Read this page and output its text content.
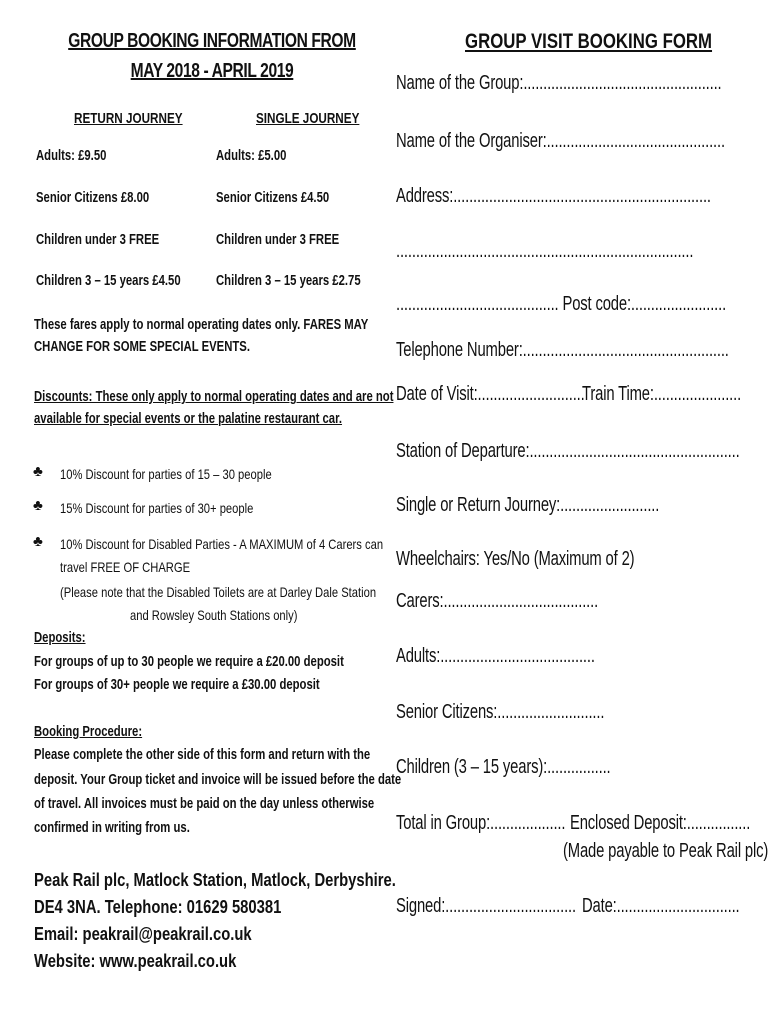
GROUP BOOKING INFORMATION FROM
MAY 2018 - APRIL 2019
RETURN JOURNEY	SINGLE JOURNEY
Adults: £9.50	Adults: £5.00
Senior Citizens £8.00	Senior Citizens £4.50
Children under 3 FREE	Children under 3 FREE
Children 3 – 15 years £4.50 Children 3 – 15 years £2.75
These fares apply to normal operating dates only. FARES MAY
CHANGE FOR SOME SPECIAL EVENTS.
Discounts: These only apply to normal operating dates and are not
available for special events or the palatine restaurant car.
♣ 10% Discount for parties of 15 – 30 people
♣ 15% Discount for parties of 30+ people
♣ 10% Discount for Disabled Parties - A MAXIMUM of 4 Carers can
travel FREE OF CHARGE
(Please note that the Disabled Toilets are at Darley Dale Station
and Rowsley South Stations only)
Deposits:
For groups of up to 30 people we require a £20.00 deposit
For groups of 30+ people we require a £30.00 deposit
Booking Procedure:
Please complete the other side of this form and return with the
deposit. Your Group ticket and invoice will be issued before the date
of travel. All invoices must be paid on the day unless otherwise
confirmed in writing from us.
Peak Rail plc, Matlock Station, Matlock, Derbyshire.
DE4 3NA. Telephone: 01629 580381
Email: peakrail@peakrail.co.uk
Website: www.peakrail.co.uk
GROUP VISIT BOOKING FORM
Name of the Group:..................................................
Name of the Organiser:.............................................
Address:.................................................................
...........................................................................
......................................... Post code:........................
Telephone Number:....................................................
Date of Visit:...........................
Train Time:......................
Station of Departure:.....................................................
Single or Return Journey:.........................
Wheelchairs: Yes/No (Maximum of 2)
Carers:.......................................
Adults:.......................................
Senior Citizens:...........................
Children (3 – 15 years):................
Total in Group:................... Enclosed Deposit:................
(Made payable to Peak Rail plc)
Signed:................................. Date:...............................
